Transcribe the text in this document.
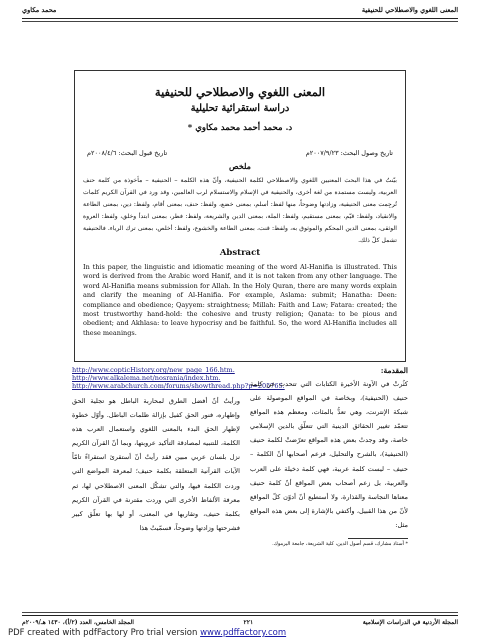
المعنى اللغوي والاصطلاحي للحنيفية
محمد مكاوي
المعنى اللغوي والاصطلاحي للحنيفية
دراسة استقرائية تحليلية
د. محمد أحمد محمد مكاوي *
تاريخ وصول البحث: ٢٠٠٧/٩/٢٣م
تاريخ قبول البحث: ٢٠٠٨/٤/٦م
ملخص
بيّنتُ في هذا البحث المعنيين اللغوي والاصطلاحي لكلمة الحنيفية، وأنّ هذه الكلمة – الحنيفية – مأخوذة من كلمة حنف العربية، وليست مستمدة من لغة أخرى، والحنيفية في الإسلام والاستسلام لرب العالمين، وقد ورد في القرآن الكريم كلمات تُرجِمت معنى الحنيفية، وزادتها وضوحاً، منها لفظ: أسلم، بمعنى خضع، ولفظ: حنف، بمعنى أقام، ولفظ: دين، بمعنى الطاعة والانقياد، ولفظ: قيّم، بمعنى مستقيم، ولفظ: الملة، بمعنى الدين والشريعة، ولفظ: فطر، بمعنى ابتدأ وخلق، ولفظ: العروة الوثقى، بمعنى الدين المحكم والموثوق به، ولفظ: قنت، بمعنى الطاعة والخشوع، ولفظ: أخلص، بمعنى ترك الرياء. فالحنيفية تشمل كلّ ذلك.
Abstract
In this paper, the linguistic and idiomatic meaning of the word Al-Hanifia is illustrated. This word is derived from the Arabic word Hanif, and it is not taken from any other language. The word Al-Hanifia means submission for Allah. In the Holy Quran, there are many words explain and clarify the meaning of Al-Hanifia. For example, Aslama: submit; Hanatha: Deen: compliance and obedience; Qayyem: straightness; Millah: Faith and Law; Fatara: created; the most trustworthy hand-hold: the cohesive and trusty religion; Qanata: to be pious and obedient; and Akhlasa: to leave hypocrisy and be faithful. So, the word Al-Hanifia includes all these meanings.
http://www.copticHistory.org/new_page_166.htm.
http://www.alkalema.net/nosrania/index.htm.
http://www.arabchurch.com/forums/showthread.php?p=205765.
ورأيتُ أنّ أفضل الطرق لمحاربة الباطل هو تجلية الحق وإظهاره، فنور الحق كفيل بإزالة ظلمات الباطل. وأوّل خطوة لإظهار الحق البدء بالمعنى اللغوي واستعمال العرب هذه الكلمة، للتنبيه لمصادقة التأكيد عروبتها، وبما أنّ القرآن الكريم نزل بلسان عربي مبين فقد رأيتُ أنّ أستقرئ استقراءً تامّاً الآيات القرآنية المتعلقة بكلمة حنيف؛ لمعرفة المواضع التي وردت الكلمة فيها، والتي تشكّل المعنى الاصطلاحي لها، ثم معرفة الألفاظ الأخرى التي وردت مقترنة في القرآن الكريم بكلمة حنيف، وتقاربها في المعنى، أو لها بها تعلّق كبير فشرحتها وزادتها وضوحاً، فسمّيتُ هذا
المقدمة:
كثُرتْ في الآونة الأخيرة الكتابات التي تتحدث عن كلمة حنيف (الحنيفية)، وبخاصة في المواقع الموصولة على شبكة الإنترنت، وهي تعدُّ بالمئات، ومعظم هذه المواقع تتعمّد تغيير الحقائق الدينية التي تتعلّق بالدين الإسلامي خاصة، وقد وجدتُ بعض هذه المواقع تعرّضتْ لكلمة حنيف (الحنيفية)، بالشرح والتحليل، فزعم أصحابها أنّ الكلمة – حنيف – ليست كلمة عربية، فهي كلمة دخيلة على العرب والعربية، بل زعم أصحاب بعض المواقع أنّ كلمة حنيف معناها النجاسة والقذارة، ولا أستطيع أنّ أدوّن كلّ المواقع لأنّ من هذا القبيل، وأكتفي بالإشارة إلى بعض هذه المواقع مثل:
* أستاذ مشارك، قسم أصول الدين، كلية الشريعة، جامعة اليرموك.
المجلة الأردنية في الدراسات الإسلامية
٢٢١
المجلد الخامس، العدد (٢/أ)، ١٤٣٠ هـ/٢٠٠٩م
PDF created with pdfFactory Pro trial version www.pdffactory.com
